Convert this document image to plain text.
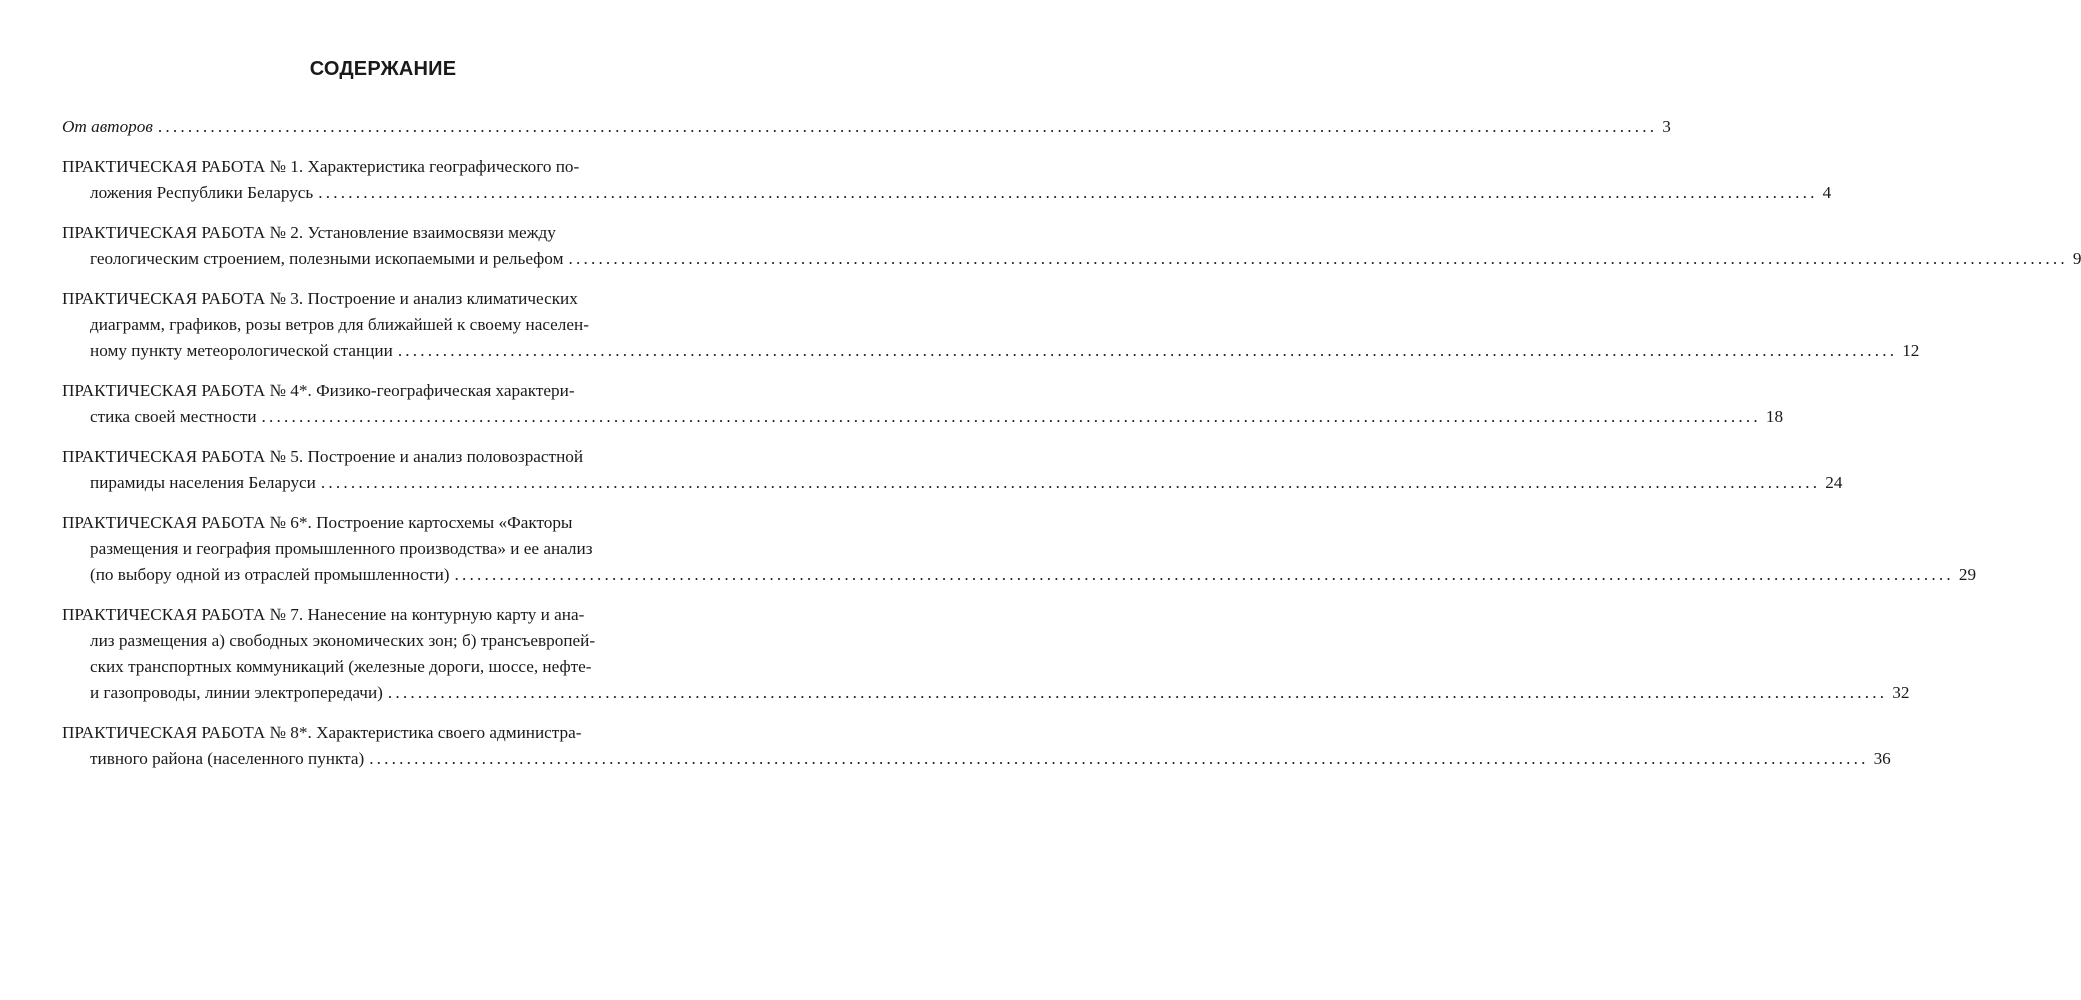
СОДЕРЖАНИЕ
От авторов ........................................................................................................................................................................................................ 3
ПРАКТИЧЕСКАЯ РАБОТА № 1. Характеристика географического по-
ложения Республики Беларусь ........................................................................................................................................................................................................ 4
ПРАКТИЧЕСКАЯ РАБОТА № 2. Установление взаимосвязи между
геологическим строением, полезными ископаемыми и рельефом ........................................................................................................................................................................................................ 9
ПРАКТИЧЕСКАЯ РАБОТА № 3. Построение и анализ климатических
диаграмм, графиков, розы ветров для ближайшей к своему населен-
ному пункту метеорологической станции ........................................................................................................................................................................................................ 12
ПРАКТИЧЕСКАЯ РАБОТА № 4*. Физико-географическая характери-
стика своей местности ........................................................................................................................................................................................................ 18
ПРАКТИЧЕСКАЯ РАБОТА № 5. Построение и анализ половозрастной
пирамиды населения Беларуси ........................................................................................................................................................................................................ 24
ПРАКТИЧЕСКАЯ РАБОТА № 6*. Построение картосхемы «Факторы
размещения и география промышленного производства» и ее анализ
(по выбору одной из отраслей промышленности) ........................................................................................................................................................................................................ 29
ПРАКТИЧЕСКАЯ РАБОТА № 7. Нанесение на контурную карту и ана-
лиз размещения а) свободных экономических зон; б) трансъевропей-
ских транспортных коммуникаций (железные дороги, шоссе, нефте-
и газопроводы, линии электропередачи) ........................................................................................................................................................................................................ 32
ПРАКТИЧЕСКАЯ РАБОТА № 8*. Характеристика своего администра-
тивного района (населенного пункта) ........................................................................................................................................................................................................ 36
